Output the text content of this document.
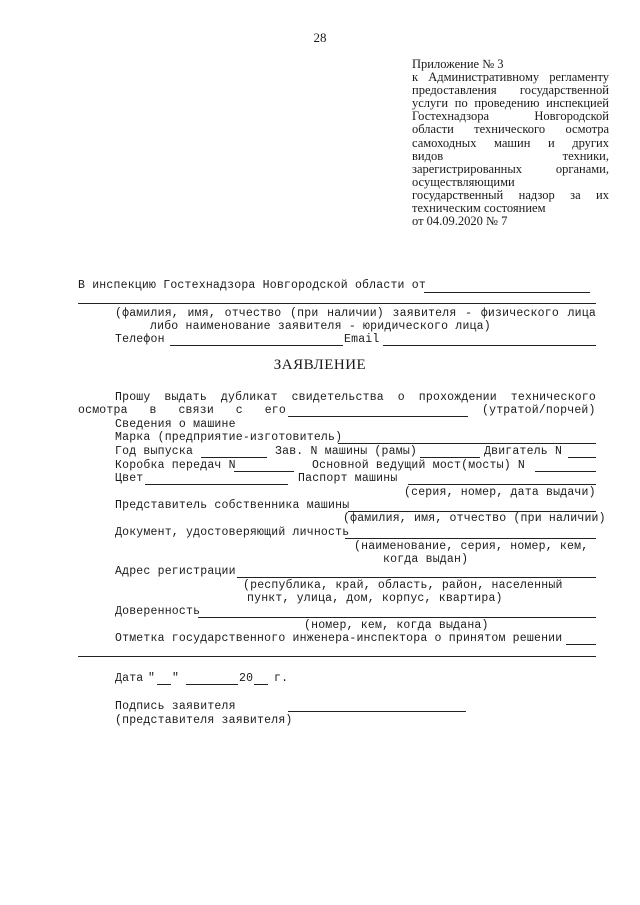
28
Приложение № 3
к Административному регламенту
предоставления государственной
услуги по проведению инспекцией
Гостехнадзора Новгородской
области технического осмотра
самоходных машин и других
видов техники,
зарегистрированных органами,
осуществляющими
государственный надзор за их
техническим состоянием
от 04.09.2020 № 7
В инспекцию Гостехнадзора Новгородской области от
(фамилия, имя, отчество (при наличии) заявителя - физического лица
либо наименование заявителя - юридического лица)
Телефон	Email
ЗАЯВЛЕНИЕ
Прошу выдать дубликат свидетельства о прохождении технического
осмотра в связи с его	(утратой/порчей)
Сведения о машине
Марка (предприятие-изготовитель)
Год выпуска	Зав. N машины (рамы)	Двигатель N
Коробка передач N	Основной ведущий мост(мосты) N
Цвет	Паспорт машины
(серия, номер, дата выдачи)
Представитель собственника машины
(фамилия, имя, отчество (при наличии)
Документ, удостоверяющий личность
(наименование, серия, номер, кем,
когда выдан)
Адрес регистрации
(республика, край, область, район, населенный
пункт, улица, дом, корпус, квартира)
Доверенность
(номер, кем, когда выдана)
Отметка государственного инженера-инспектора о принятом решении
Дата " "	20 г.
Подпись заявителя
(представителя заявителя)
